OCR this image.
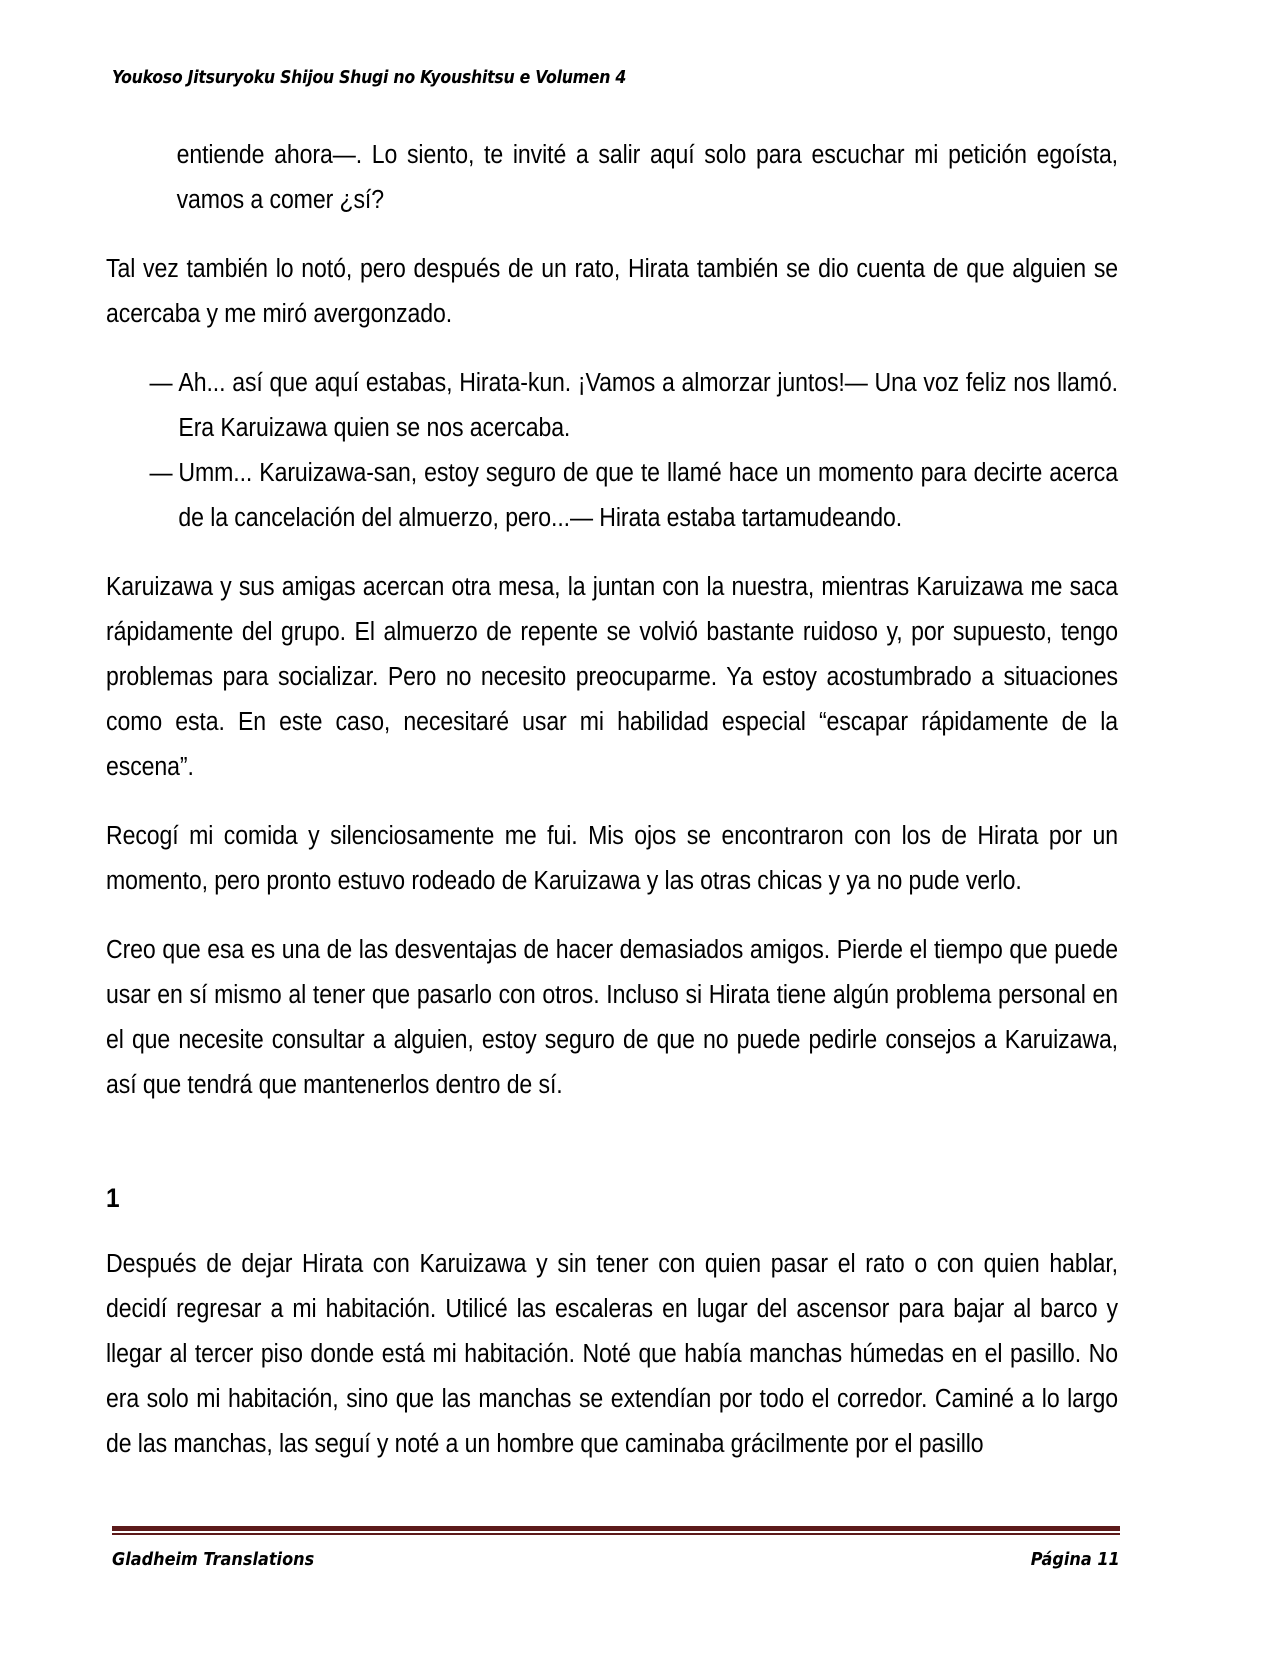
Youkoso Jitsuryoku Shijou Shugi no Kyoushitsu e Volumen 4

entiende ahora—. Lo siento, te invité a salir aquí solo para escuchar mi petición egoísta, vamos a comer ¿sí?

Tal vez también lo notó, pero después de un rato, Hirata también se dio cuenta de que alguien se acercaba y me miró avergonzado.

— Ah... así que aquí estabas, Hirata-kun. ¡Vamos a almorzar juntos!— Una voz feliz nos llamó. Era Karuizawa quien se nos acercaba.
— Umm... Karuizawa-san, estoy seguro de que te llamé hace un momento para decirte acerca de la cancelación del almuerzo, pero...— Hirata estaba tartamudeando.

Karuizawa y sus amigas acercan otra mesa, la juntan con la nuestra, mientras Karuizawa me saca rápidamente del grupo. El almuerzo de repente se volvió bastante ruidoso y, por supuesto, tengo problemas para socializar. Pero no necesito preocuparme. Ya estoy acostumbrado a situaciones como esta. En este caso, necesitaré usar mi habilidad especial “escapar rápidamente de la escena”.

Recogí mi comida y silenciosamente me fui. Mis ojos se encontraron con los de Hirata por un momento, pero pronto estuvo rodeado de Karuizawa y las otras chicas y ya no pude verlo.

Creo que esa es una de las desventajas de hacer demasiados amigos. Pierde el tiempo que puede usar en sí mismo al tener que pasarlo con otros. Incluso si Hirata tiene algún problema personal en el que necesite consultar a alguien, estoy seguro de que no puede pedirle consejos a Karuizawa, así que tendrá que mantenerlos dentro de sí.

1

Después de dejar Hirata con Karuizawa y sin tener con quien pasar el rato o con quien hablar, decidí regresar a mi habitación. Utilicé las escaleras en lugar del ascensor para bajar al barco y llegar al tercer piso donde está mi habitación. Noté que había manchas húmedas en el pasillo. No era solo mi habitación, sino que las manchas se extendían por todo el corredor. Caminé a lo largo de las manchas, las seguí y noté a un hombre que caminaba grácilmente por el pasillo

Gladheim Translations	Página 11
